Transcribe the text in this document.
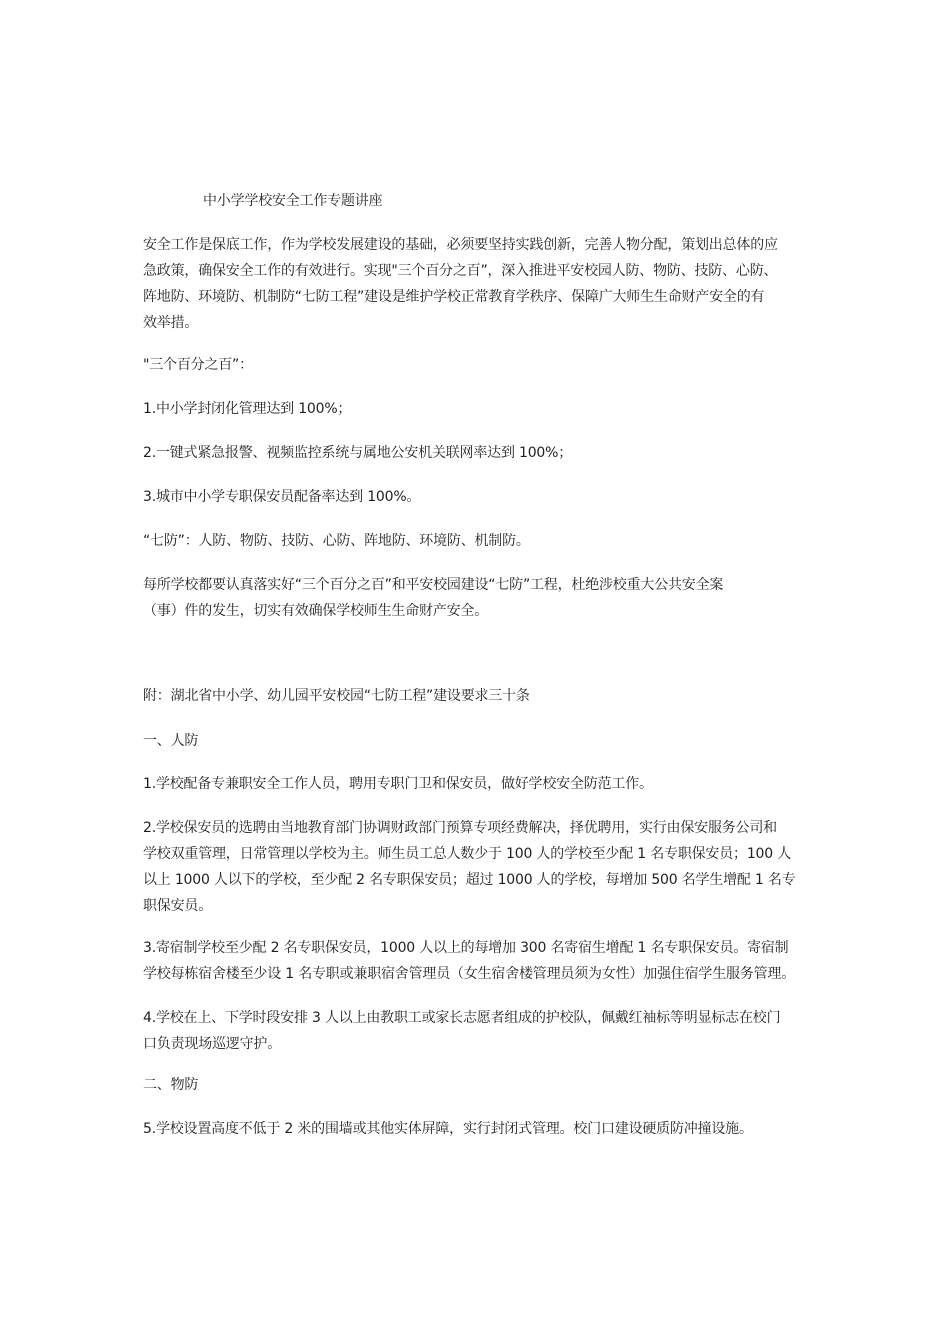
中小学学校安全工作专题讲座

安全工作是保底工作，作为学校发展建设的基础，必须要坚持实践创新，完善人物分配，策划出总体的应
急政策，确保安全工作的有效进行。实现"三个百分之百”，深入推进平安校园人防、物防、技防、心防、
阵地防、环境防、机制防“七防工程”建设是维护学校正常教育学秩序、保障广大师生生命财产安全的有
效举措。

"三个百分之百”：

1.中小学封闭化管理达到 100%；

2.一键式紧急报警、视频监控系统与属地公安机关联网率达到 100%；

3.城市中小学专职保安员配备率达到 100%。

“七防”：人防、物防、技防、心防、阵地防、环境防、机制防。

每所学校都要认真落实好“三个百分之百”和平安校园建设“七防”工程，杜绝涉校重大公共安全案
（事）件的发生，切实有效确保学校师生生命财产安全。

附：湖北省中小学、幼儿园平安校园“七防工程”建设要求三十条

一、人防

1.学校配备专兼职安全工作人员，聘用专职门卫和保安员，做好学校安全防范工作。

2.学校保安员的选聘由当地教育部门协调财政部门预算专项经费解决，择优聘用，实行由保安服务公司和
学校双重管理，日常管理以学校为主。师生员工总人数少于 100 人的学校至少配 1 名专职保安员；100 人
以上 1000 人以下的学校，至少配 2 名专职保安员；超过 1000 人的学校，每增加 500 名学生增配 1 名专
职保安员。
3.寄宿制学校至少配 2 名专职保安员，1000 人以上的每增加 300 名寄宿生增配 1 名专职保安员。寄宿制
学校每栋宿舍楼至少设 1 名专职或兼职宿舍管理员（女生宿舍楼管理员须为女性）加强住宿学生服务管理。
4.学校在上、下学时段安排 3 人以上由教职工或家长志愿者组成的护校队，佩戴红袖标等明显标志在校门
口负责现场巡逻守护。

二、物防

5.学校设置高度不低于 2 米的围墙或其他实体屏障，实行封闭式管理。校门口建设硬质防冲撞设施。
